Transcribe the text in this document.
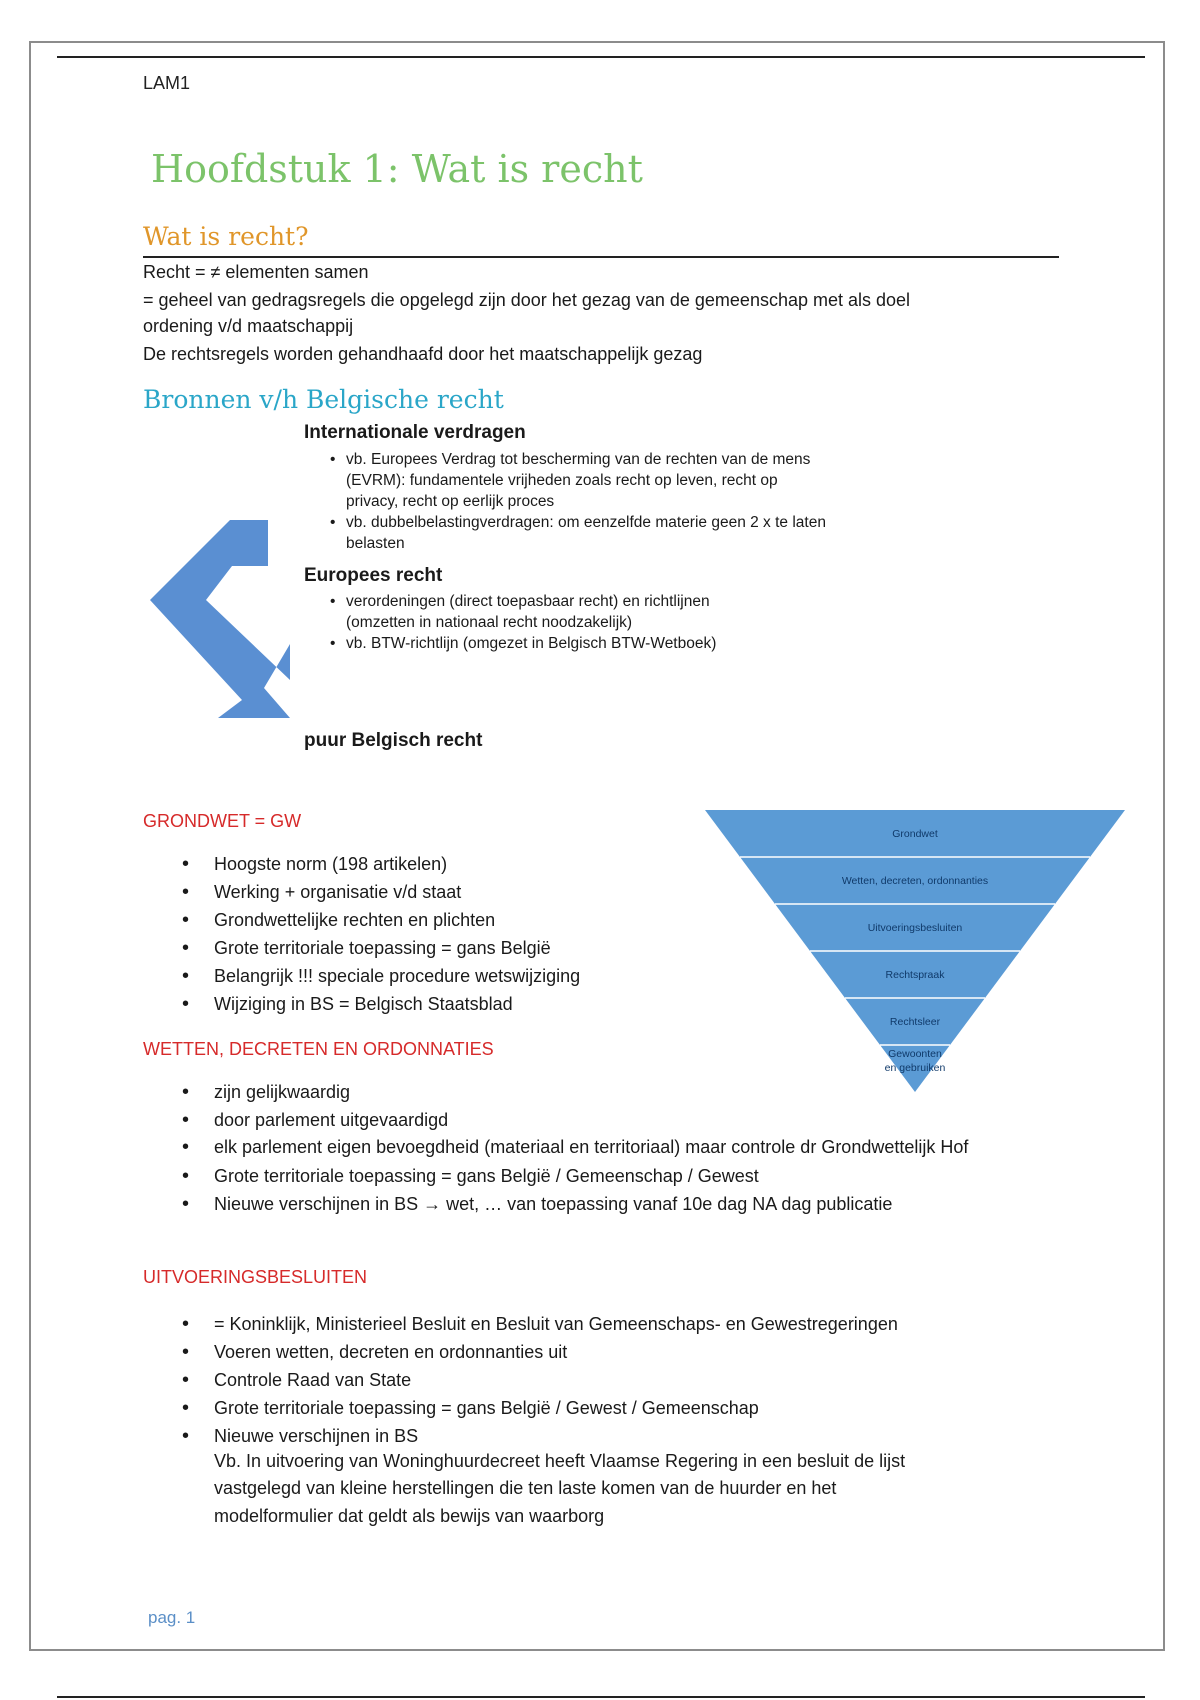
LAM1
Hoofdstuk 1: Wat is recht
Wat is recht?
Recht = ≠ elementen samen
= geheel van gedragsregels die opgelegd zijn door het gezag van de gemeenschap met als doel
ordening v/d maatschappij
De rechtsregels worden gehandhaafd door het maatschappelijk gezag
Bronnen v/h Belgische recht
Internationale verdragen
• vb. Europees Verdrag tot bescherming van de rechten van de mens (EVRM): fundamentele vrijheden zoals recht op leven, recht op privacy, recht op eerlijk proces
• vb. dubbelbelastingverdragen: om eenzelfde materie geen 2 x te laten belasten
Europees recht
• verordeningen (direct toepasbaar recht) en richtlijnen (omzetten in nationaal recht noodzakelijk)
• vb. BTW-richtlijn (omgezet in Belgisch BTW-Wetboek)
puur Belgisch recht
Grondwet
Wetten, decreten, ordonnanties
Uitvoeringsbesluiten
Rechtspraak
Rechtsleer
Gewoonten en gebruiken
GRONDWET = GW
• Hoogste norm (198 artikelen)
• Werking + organisatie v/d staat
• Grondwettelijke rechten en plichten
• Grote territoriale toepassing = gans België
• Belangrijk !!! speciale procedure wetswijziging
• Wijziging in BS = Belgisch Staatsblad
WETTEN, DECRETEN EN ORDONNATIES
• zijn gelijkwaardig
• door parlement uitgevaardigd
• elk parlement eigen bevoegdheid (materiaal en territoriaal) maar controle dr Grondwettelijk Hof
• Grote territoriale toepassing = gans België / Gemeenschap / Gewest
• Nieuwe verschijnen in BS → wet, … van toepassing vanaf 10e dag NA dag publicatie
UITVOERINGSBESLUITEN
• = Koninklijk, Ministerieel Besluit en Besluit van Gemeenschaps- en Gewestregeringen
• Voeren wetten, decreten en ordonnanties uit
• Controle Raad van State
• Grote territoriale toepassing = gans België / Gewest / Gemeenschap
• Nieuwe verschijnen in BS
Vb. In uitvoering van Woninghuurdecreet heeft Vlaamse Regering in een besluit de lijst
vastgelegd van kleine herstellingen die ten laste komen van de huurder en het
modelformulier dat geldt als bewijs van waarborg
pag. 1
